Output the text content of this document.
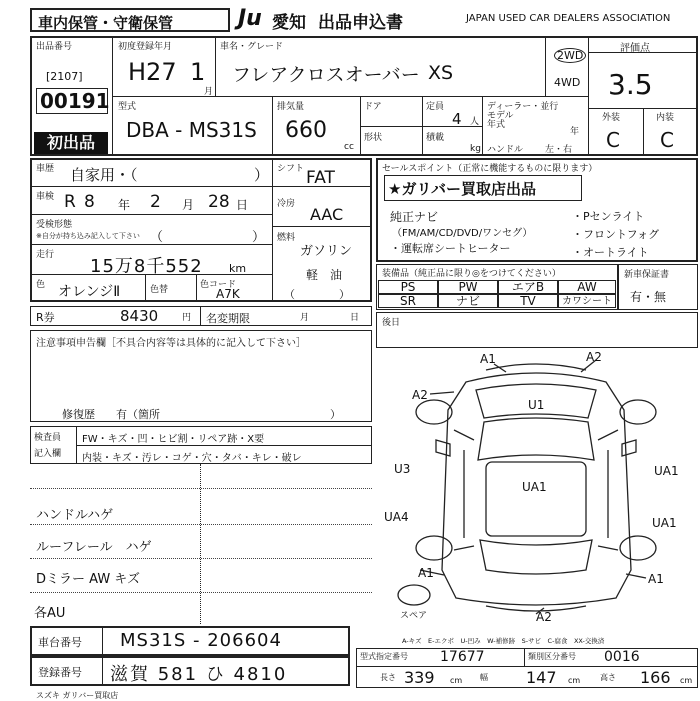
車内保管・守衛保管	Ju 愛知 出品申込書	JAPAN USED CAR DEALERS ASSOCIATION
出品番号
[2107]
00191
初出品
初度登録年月
H27 1
月
車名・グレード
フレアクロスオーバー XS
2WD
4WD
評価点
3.5
外装	内装
C C
型式
DBA - MS31S
排気量
660
cc
ドア	定員
4 人
形状	積載
kg
ディーラー・並行
モデル年式
年
ハンドル 左・右
車歴 自家用・（	）
車検 R 8 年 2 月 28 日
受検形態
※自分が持ち込み記入して下さい （	）
走行
15万8千552 km
色 オレンジⅡ	色替	色コード
A7K
シフト FAT
冷房
AAC
燃料
ガソリン
軽　油
（　　　　）
R券	8430	円 名変期限	月	日
注意事項申告欄［不具合内容等は具体的に記入して下さい］
修復歴 有（箇所	）
検査員
記入欄
FW・キズ・凹・ヒビ割・リペア跡・X要
内装・キズ・汚レ・コゲ・穴・タバ・キレ・破レ
ハンドルハゲ
ルーフレール　ハゲ
Dミラー AW キズ
各AU
セールスポイント（正常に機能するものに限ります）
★ガリバー買取店出品
純正ナビ
（FM/AM/CD/DVD/ワンセグ）
・運転席シートヒーター
・Pセンライト
・フロントフォグ
・オートライト
装備品（純正品に限り◎をつけてください）
PS	PW	エアB	AW
SR	ナビ	TV	カワシート
新車保証書
有・無
後日
A1	A2
A2
U1
U3
UA1
UA1
UA4	UA1
A1	A1
A2
スペア
A-キズ　E-エクボ　U-凹み　W-補修跡　S-サビ　C-腐食　XX-交換済
車台番号 MS31S - 206604
登録番号 滋賀 581 ひ 4810
型式指定番号 17677	類別区分番号 0016
長さ 339 cm 幅 147 cm 高さ 166 cm
スズキ ガリバー買取店
